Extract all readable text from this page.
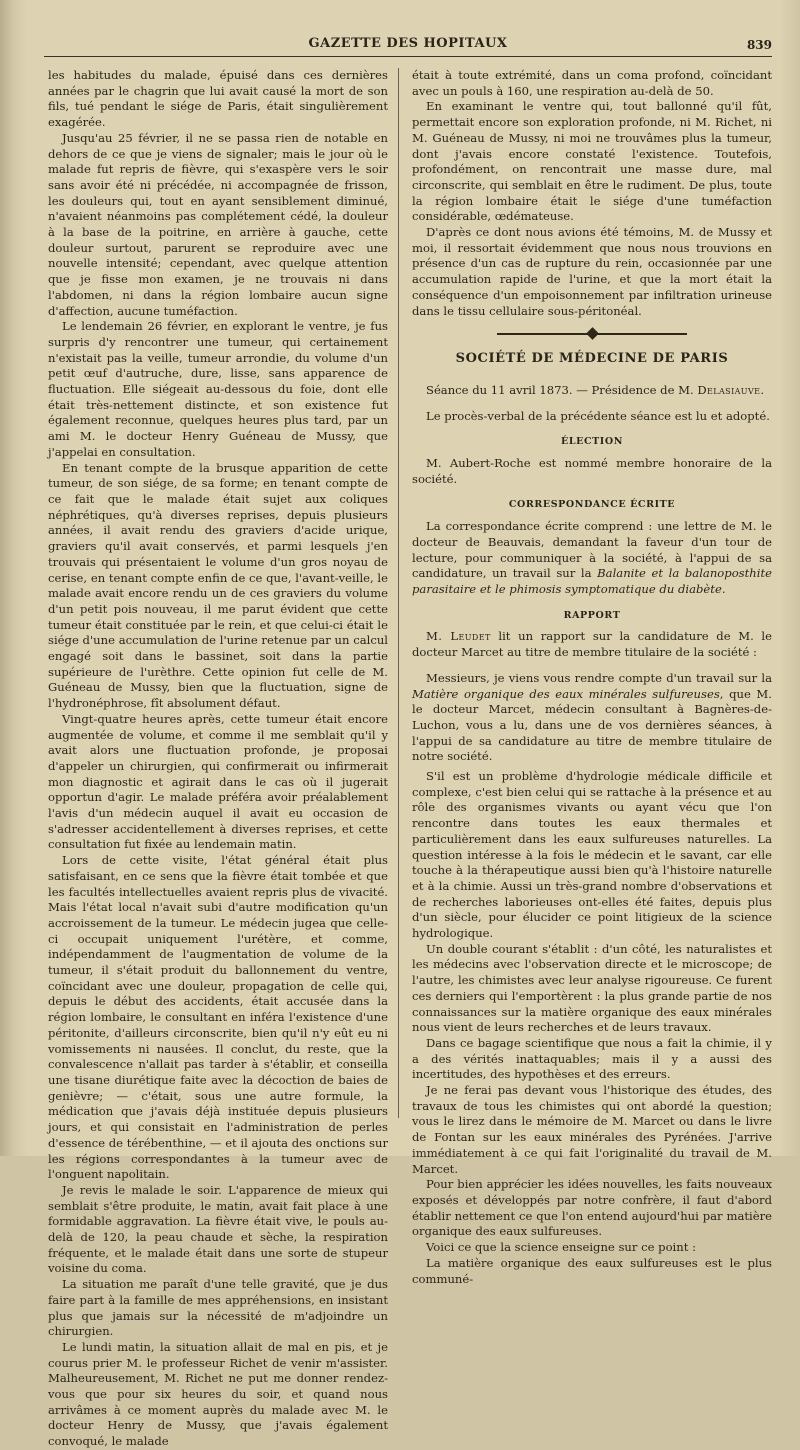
GAZETTE DES HOPITAUX	839

les habitudes du malade, épuisé dans ces dernières années par le chagrin que lui avait causé la mort de son fils, tué pendant le siége de Paris, était singulièrement exagérée.

Jusqu'au 25 février, il ne se passa rien de notable en dehors de ce que je viens de signaler; mais le jour où le malade fut repris de fièvre, qui s'exaspère vers le soir sans avoir été ni précédée, ni accompagnée de frisson, les douleurs qui, tout en ayant sensiblement diminué, n'avaient néanmoins pas complétement cédé, la douleur à la base de la poitrine, en arrière à gauche, cette douleur surtout, parurent se reproduire avec une nouvelle intensité; cependant, avec quelque attention que je fisse mon examen, je ne trouvais ni dans l'abdomen, ni dans la région lombaire aucun signe d'affection, aucune tuméfaction.

Le lendemain 26 février, en explorant le ventre, je fus surpris d'y rencontrer une tumeur, qui certainement n'existait pas la veille, tumeur arrondie, du volume d'un petit œuf d'autruche, dure, lisse, sans apparence de fluctuation. Elle siégeait au-dessous du foie, dont elle était très-nettement distincte, et son existence fut également reconnue, quelques heures plus tard, par un ami M. le docteur Henry Guéneau de Mussy, que j'appelai en consultation.

En tenant compte de la brusque apparition de cette tumeur, de son siége, de sa forme; en tenant compte de ce fait que le malade était sujet aux coliques néphrétiques, qu'à diverses reprises, depuis plusieurs années, il avait rendu des graviers d'acide urique, graviers qu'il avait conservés, et parmi lesquels j'en trouvais qui présentaient le volume d'un gros noyau de cerise, en tenant compte enfin de ce que, l'avant-veille, le malade avait encore rendu un de ces graviers du volume d'un petit pois nouveau, il me parut évident que cette tumeur était constituée par le rein, et que celui-ci était le siége d'une accumulation de l'urine retenue par un calcul engagé soit dans le bassinet, soit dans la partie supérieure de l'urèthre. Cette opinion fut celle de M. Guéneau de Mussy, bien que la fluctuation, signe de l'hydronéphrose, fît absolument défaut.

Vingt-quatre heures après, cette tumeur était encore augmentée de volume, et comme il me semblait qu'il y avait alors une fluctuation profonde, je proposai d'appeler un chirurgien, qui confirmerait ou infirmerait mon diagnostic et agirait dans le cas où il jugerait opportun d'agir. Le malade préféra avoir préalablement l'avis d'un médecin auquel il avait eu occasion de s'adresser accidentellement à diverses reprises, et cette consultation fut fixée au lendemain matin.

Lors de cette visite, l'état général était plus satisfaisant, en ce sens que la fièvre était tombée et que les facultés intellectuelles avaient repris plus de vivacité. Mais l'état local n'avait subi d'autre modification qu'un accroissement de la tumeur. Le médecin jugea que celle-ci occupait uniquement l'urétère, et comme, indépendamment de l'augmentation de volume de la tumeur, il s'était produit du ballonnement du ventre, coïncidant avec une douleur, propagation de celle qui, depuis le début des accidents, était accusée dans la région lombaire, le consultant en inféra l'existence d'une péritonite, d'ailleurs circonscrite, bien qu'il n'y eût eu ni vomissements ni nausées. Il conclut, du reste, que la convalescence n'allait pas tarder à s'établir, et conseilla une tisane diurétique faite avec la décoction de baies de genièvre; — c'était, sous une autre formule, la médication que j'avais déjà instituée depuis plusieurs jours, et qui consistait en l'administration de perles d'essence de térébenthine, — et il ajouta des onctions sur les régions correspondantes à la tumeur avec de l'onguent napolitain.

Je revis le malade le soir. L'apparence de mieux qui semblait s'être produite, le matin, avait fait place à une formidable aggravation. La fièvre était vive, le pouls au-delà de 120, la peau chaude et sèche, la respiration fréquente, et le malade était dans une sorte de stupeur voisine du coma.

La situation me paraît d'une telle gravité, que je dus faire part à la famille de mes appréhensions, en insistant plus que jamais sur la nécessité de m'adjoindre un chirurgien.

Le lundi matin, la situation allait de mal en pis, et je courus prier M. le professeur Richet de venir m'assister. Malheureusement, M. Richet ne put me donner rendez-vous que pour six heures du soir, et quand nous arrivâmes à ce moment auprès du malade avec M. le docteur Henry de Mussy, que j'avais également convoqué, le malade

était à toute extrémité, dans un coma profond, coïncidant avec un pouls à 160, une respiration au-delà de 50.

En examinant le ventre qui, tout ballonné qu'il fût, permettait encore son exploration profonde, ni M. Richet, ni M. Guéneau de Mussy, ni moi ne trouvâmes plus la tumeur, dont j'avais encore constaté l'existence. Toutefois, profondément, on rencontrait une masse dure, mal circonscrite, qui semblait en être le rudiment. De plus, toute la région lombaire était le siége d'une tuméfaction considérable, œdémateuse.

D'après ce dont nous avions été témoins, M. de Mussy et moi, il ressortait évidemment que nous nous trouvions en présence d'un cas de rupture du rein, occasionnée par une accumulation rapide de l'urine, et que la mort était la conséquence d'un empoisonnement par infiltration urineuse dans le tissu cellulaire sous-péritonéal.

SOCIÉTÉ DE MÉDECINE DE PARIS

Séance du 11 avril 1873. — Présidence de M. Delasiauve.

Le procès-verbal de la précédente séance est lu et adopté.

ÉLECTION

M. Aubert-Roche est nommé membre honoraire de la société.

CORRESPONDANCE ÉCRITE

La correspondance écrite comprend : une lettre de M. le docteur de Beauvais, demandant la faveur d'un tour de lecture, pour communiquer à la société, à l'appui de sa candidature, un travail sur la Balanite et la balanoposthite parasitaire et le phimosis symptomatique du diabète.

RAPPORT

M. Leudet lit un rapport sur la candidature de M. le docteur Marcet au titre de membre titulaire de la société :

Messieurs, je viens vous rendre compte d'un travail sur la Matière organique des eaux minérales sulfureuses, que M. le docteur Marcet, médecin consultant à Bagnères-de-Luchon, vous a lu, dans une de vos dernières séances, à l'appui de sa candidature au titre de membre titulaire de notre société.

S'il est un problème d'hydrologie médicale difficile et complexe, c'est bien celui qui se rattache à la présence et au rôle des organismes vivants ou ayant vécu que l'on rencontre dans toutes les eaux thermales et particulièrement dans les eaux sulfureuses naturelles. La question intéresse à la fois le médecin et le savant, car elle touche à la thérapeutique aussi bien qu'à l'histoire naturelle et à la chimie. Aussi un très-grand nombre d'observations et de recherches laborieuses ont-elles été faites, depuis plus d'un siècle, pour élucider ce point litigieux de la science hydrologique.

Un double courant s'établit : d'un côté, les naturalistes et les médecins avec l'observation directe et le microscope; de l'autre, les chimistes avec leur analyse rigoureuse. Ce furent ces derniers qui l'emportèrent : la plus grande partie de nos connaissances sur la matière organique des eaux minérales nous vient de leurs recherches et de leurs travaux.

Dans ce bagage scientifique que nous a fait la chimie, il y a des vérités inattaquables; mais il y a aussi des incertitudes, des hypothèses et des erreurs.

Je ne ferai pas devant vous l'historique des études, des travaux de tous les chimistes qui ont abordé la question; vous le lirez dans le mémoire de M. Marcet ou dans le livre de Fontan sur les eaux minérales des Pyrénées. J'arrive immédiatement à ce qui fait l'originalité du travail de M. Marcet.

Pour bien apprécier les idées nouvelles, les faits nouveaux exposés et développés par notre confrère, il faut d'abord établir nettement ce que l'on entend aujourd'hui par matière organique des eaux sulfureuses.

Voici ce que la science enseigne sur ce point :

La matière organique des eaux sulfureuses est le plus communé-
